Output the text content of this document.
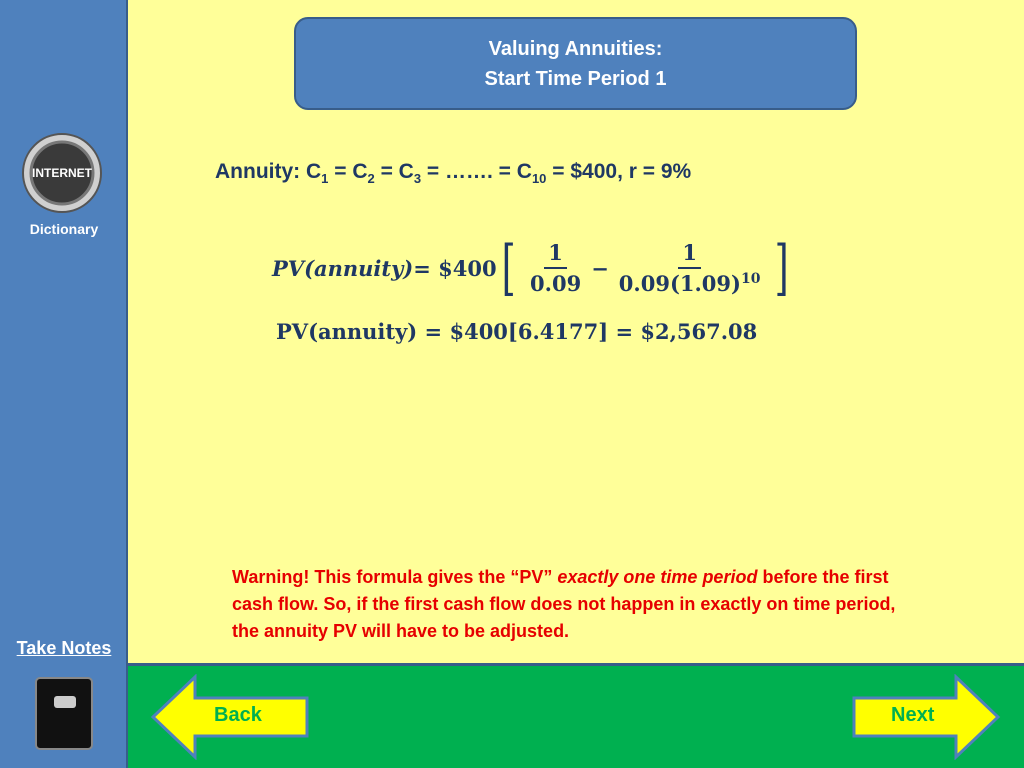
INTERNET
Dictionary
Take Notes
Valuing Annuities:
Start Time Period 1
Annuity: $C_1 = C_2 = C_3$ = ……. = $C_{10}$ = $400, r = 9%
PV(annuity) = $400 [ $\frac{1}{0.09} - \frac{1}{0.09(1.09)^{10}}$ ]
PV(annuity) = $400[6.4177] = $2,567.08
Warning! This formula gives the “PV” exactly one time period before the first cash flow. So, if the first cash flow does not happen in exactly on time period, the annuity PV will have to be adjusted.
Back	Next
